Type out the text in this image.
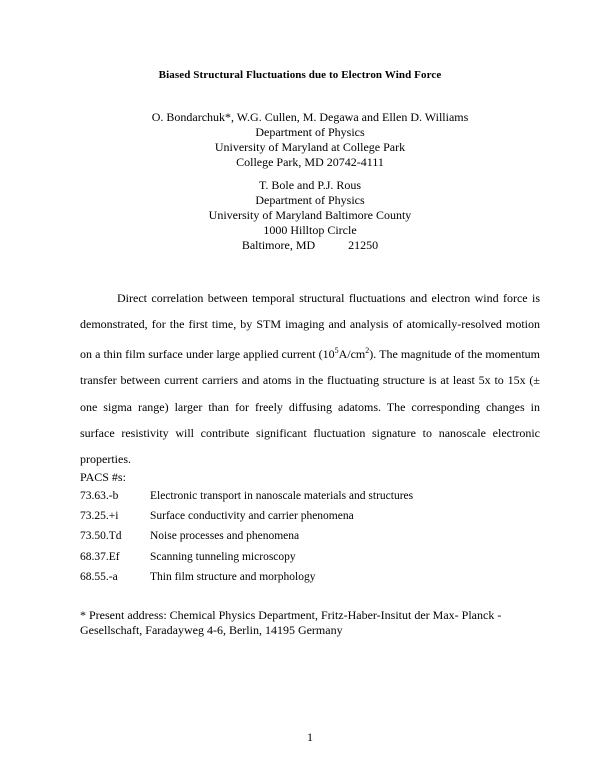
Biased Structural Fluctuations due to Electron Wind Force
O. Bondarchuk*, W.G. Cullen, M. Degawa and Ellen D. Williams
Department of Physics
University of Maryland at College Park
College Park, MD 20742-4111
T. Bole and P.J. Rous
Department of Physics
University of Maryland Baltimore County
1000 Hilltop Circle
Baltimore, MD	21250

Direct correlation between temporal structural fluctuations and electron wind force is demonstrated, for the first time, by STM imaging and analysis of atomically-resolved motion on a thin film surface under large applied current $(10^5A/cm^2)$. The magnitude of the momentum transfer between current carriers and atoms in the fluctuating structure is at least 5x to 15x (± one sigma range) larger than for freely diffusing adatoms. The corresponding changes in surface resistivity will contribute significant fluctuation signature to nanoscale electronic properties.

PACS #s:
73.63.-b	Electronic transport in nanoscale materials and structures
73.25.+i	Surface conductivity and carrier phenomena
73.50.Td Noise processes and phenomena
68.37.Ef	Scanning tunneling microscopy
68.55.-a	Thin film structure and morphology
* Present address: Chemical Physics Department, Fritz-Haber-Insitut der Max- Planck - Gesellschaft, Faradayweg 4-6, Berlin, 14195 Germany
1
